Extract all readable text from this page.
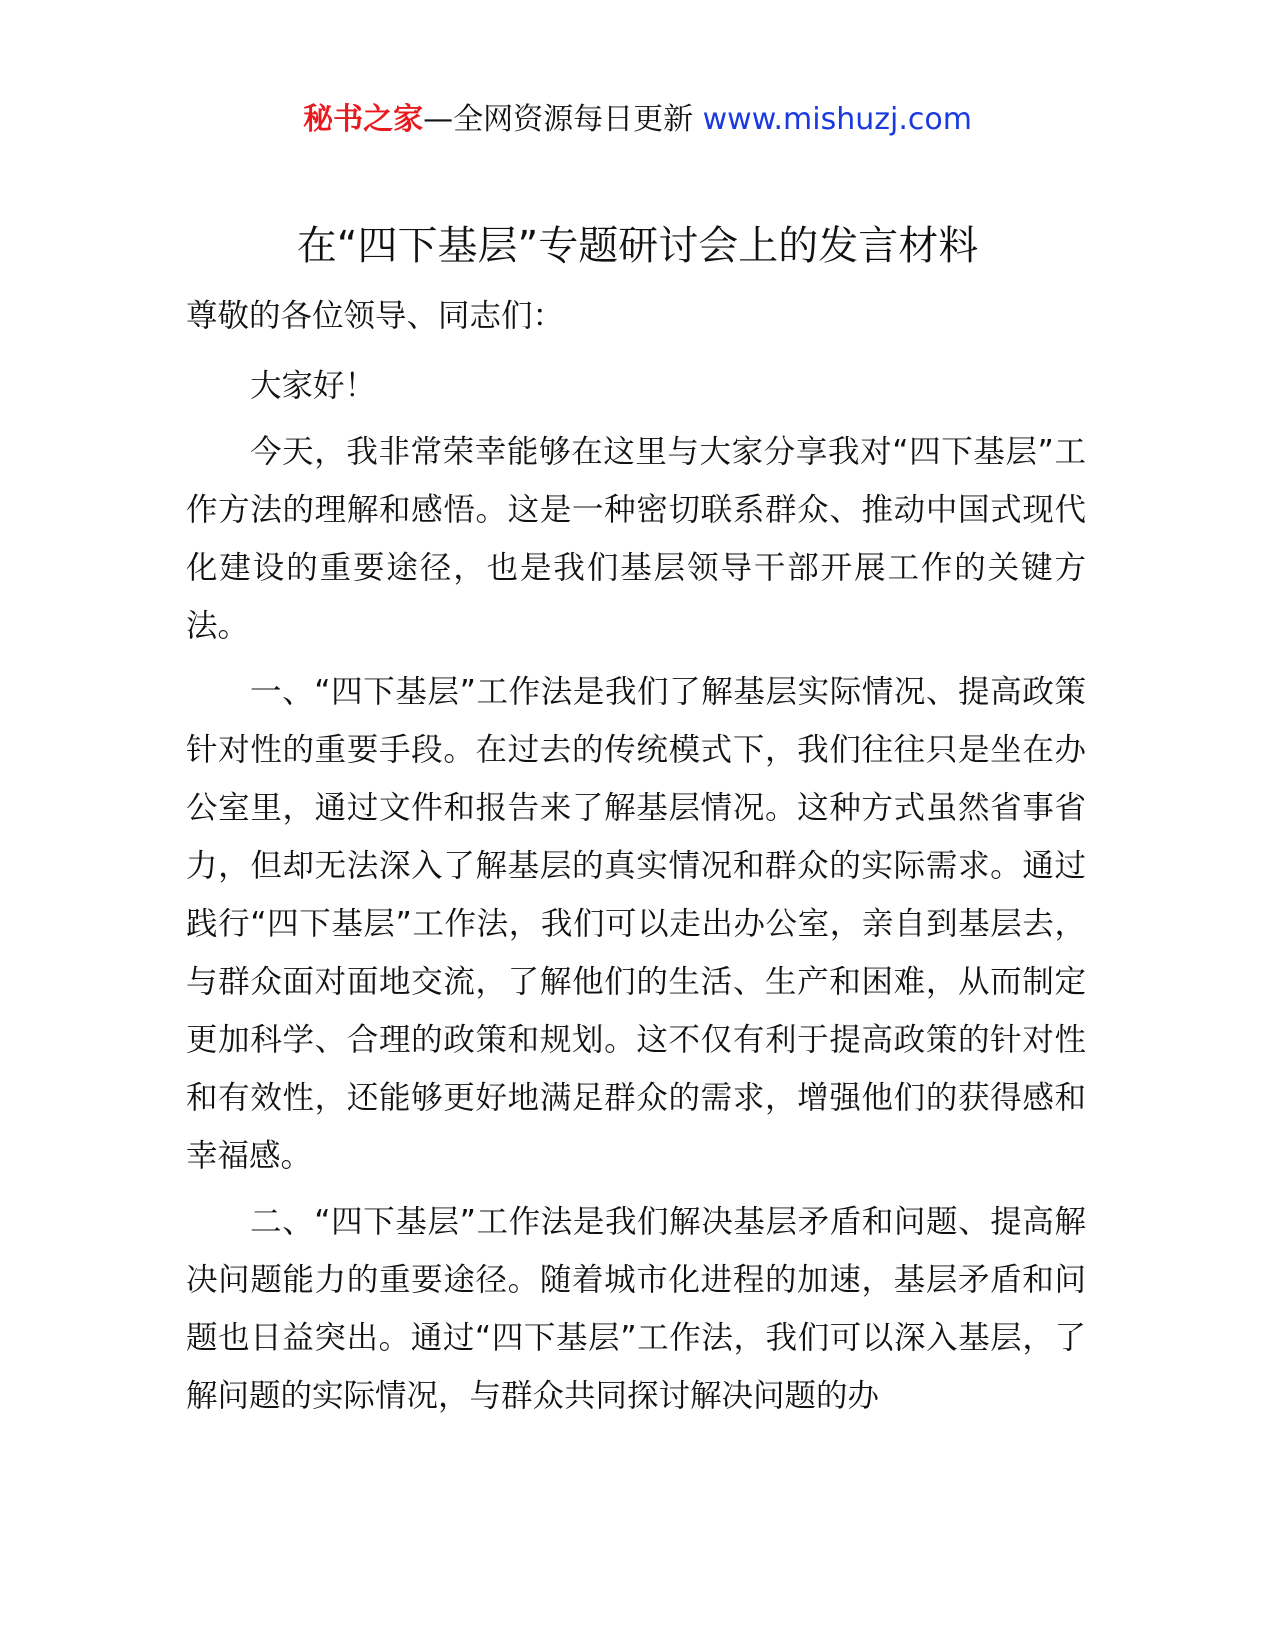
秘书之家—全网资源每日更新 www.mishuzj.com
在“四下基层”专题研讨会上的发言材料

尊敬的各位领导、同志们：

大家好！

今天，我非常荣幸能够在这里与大家分享我对“四下基层”工作方法的理解和感悟。这是一种密切联系群众、推动中国式现代化建设的重要途径，也是我们基层领导干部开展工作的关键方法。

一、“四下基层”工作法是我们了解基层实际情况、提高政策针对性的重要手段。在过去的传统模式下，我们往往只是坐在办公室里，通过文件和报告来了解基层情况。这种方式虽然省事省力，但却无法深入了解基层的真实情况和群众的实际需求。通过践行“四下基层”工作法，我们可以走出办公室，亲自到基层去，与群众面对面地交流，了解他们的生活、生产和困难，从而制定更加科学、合理的政策和规划。这不仅有利于提高政策的针对性和有效性，还能够更好地满足群众的需求，增强他们的获得感和幸福感。

二、“四下基层”工作法是我们解决基层矛盾和问题、提高解决问题能力的重要途径。随着城市化进程的加速，基层矛盾和问题也日益突出。通过“四下基层”工作法，我们可以深入基层，了解问题的实际情况，与群众共同探讨解决问题的办
